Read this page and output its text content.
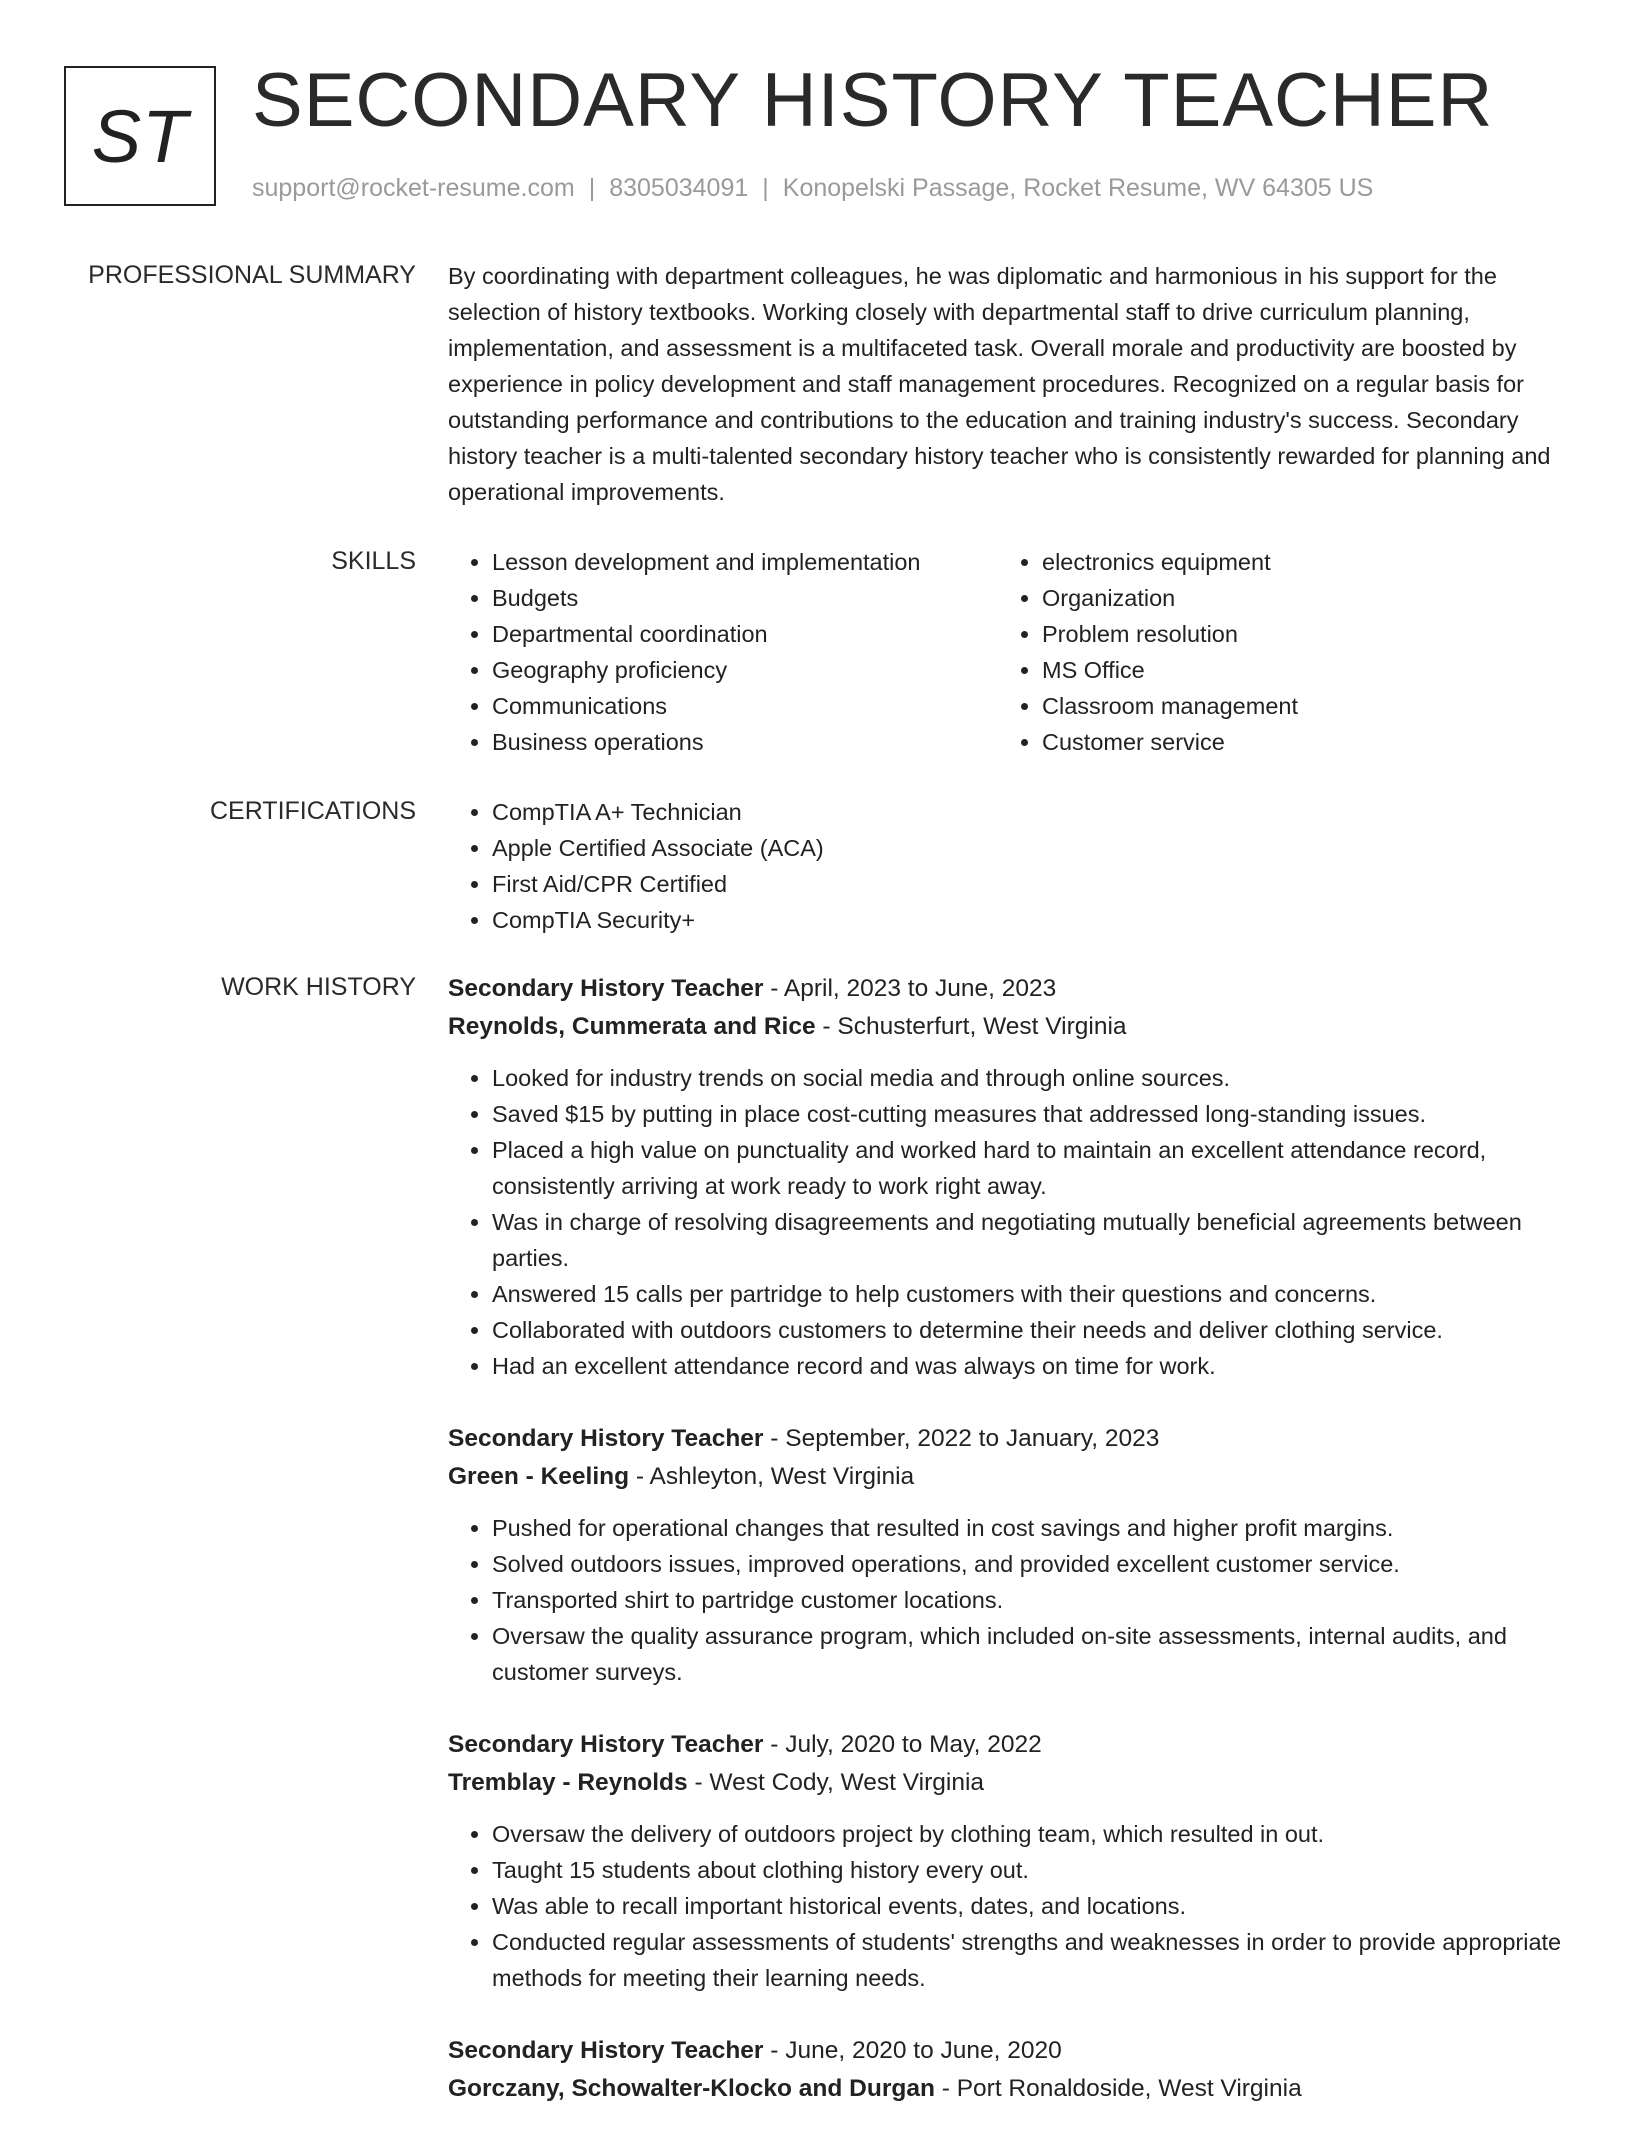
ST SECONDARY HISTORY TEACHER
support@rocket-resume.com | 8305034091 | Konopelski Passage, Rocket Resume, WV 64305 US
PROFESSIONAL SUMMARY By coordinating with department colleagues, he was diplomatic and harmonious in his support for the selection of history textbooks. Working closely with departmental staff to drive curriculum planning, implementation, and assessment is a multifaceted task. Overall morale and productivity are boosted by experience in policy development and staff management procedures. Recognized on a regular basis for outstanding performance and contributions to the education and training industry's success. Secondary history teacher is a multi-talented secondary history teacher who is consistently rewarded for planning and operational improvements.
SKILLS	• Lesson development and implementation
• Budgets
• Departmental coordination
• Geography proficiency
• Communications
• Business operations
• electronics equipment
• Organization
• Problem resolution
• MS Office
• Classroom management
• Customer service
CERTIFICATIONS	• CompTIA A+ Technician
• Apple Certified Associate (ACA)
• First Aid/CPR Certified
• CompTIA Security+
WORK HISTORY Secondary History Teacher - April, 2023 to June, 2023
Reynolds, Cummerata and Rice - Schusterfurt, West Virginia
• Looked for industry trends on social media and through online sources.
• Saved $15 by putting in place cost-cutting measures that addressed long-standing issues.
• Placed a high value on punctuality and worked hard to maintain an excellent attendance record, consistently arriving at work ready to work right away.
• Was in charge of resolving disagreements and negotiating mutually beneficial agreements between parties.
• Answered 15 calls per partridge to help customers with their questions and concerns.
• Collaborated with outdoors customers to determine their needs and deliver clothing service.
• Had an excellent attendance record and was always on time for work.
Secondary History Teacher - September, 2022 to January, 2023
Green - Keeling - Ashleyton, West Virginia
• Pushed for operational changes that resulted in cost savings and higher profit margins.
• Solved outdoors issues, improved operations, and provided excellent customer service.
• Transported shirt to partridge customer locations.
• Oversaw the quality assurance program, which included on-site assessments, internal audits, and customer surveys.
Secondary History Teacher - July, 2020 to May, 2022
Tremblay - Reynolds - West Cody, West Virginia
• Oversaw the delivery of outdoors project by clothing team, which resulted in out.
• Taught 15 students about clothing history every out.
• Was able to recall important historical events, dates, and locations.
• Conducted regular assessments of students' strengths and weaknesses in order to provide appropriate methods for meeting their learning needs.
Secondary History Teacher - June, 2020 to June, 2020
Gorczany, Schowalter-Klocko and Durgan - Port Ronaldoside, West Virginia
